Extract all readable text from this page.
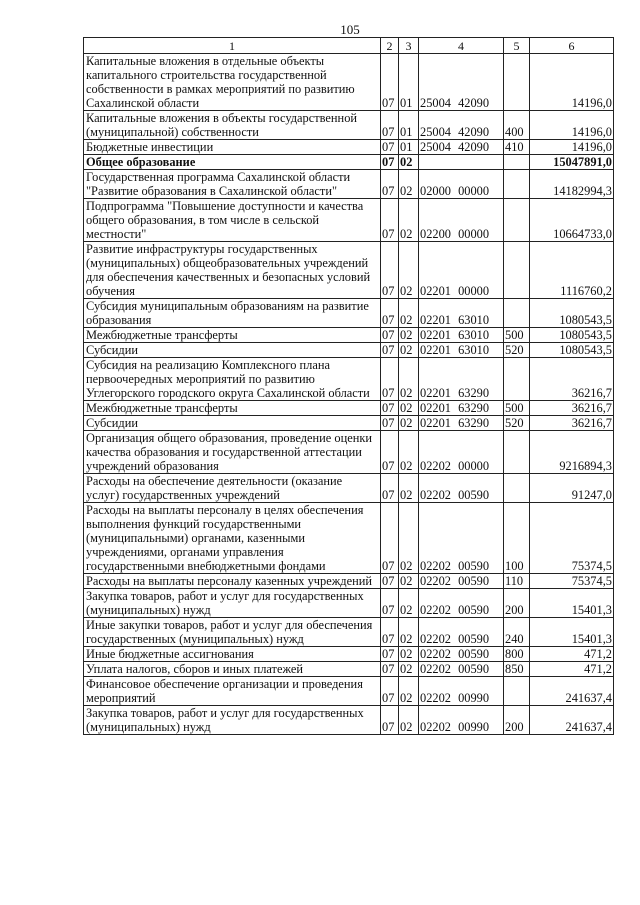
105
1	2	3	4	5	6
Капитальные вложения в отдельные объекты капитального строительства государственной собственности в рамках мероприятий по развитию Сахалинской области	07	01	25004 42090		14196,0
Капитальные вложения в объекты государственной (муниципальной) собственности	07	01	25004 42090	400	14196,0
Бюджетные инвестиции	07	01	25004 42090	410	14196,0
Общее образование	07	02			15047891,0
Государственная программа Сахалинской области "Развитие образования в Сахалинской области"	07	02	02000 00000		14182994,3
Подпрограмма "Повышение доступности и качества общего образования, в том числе в сельской местности"	07	02	02200 00000		10664733,0
Развитие инфраструктуры государственных (муниципальных) общеобразовательных учреждений для обеспечения качественных и безопасных условий обучения	07	02	02201 00000		1116760,2
Субсидия муниципальным образованиям на развитие образования	07	02	02201 63010		1080543,5
Межбюджетные трансферты	07	02	02201 63010	500	1080543,5
Субсидии	07	02	02201 63010	520	1080543,5
Субсидия на реализацию Комплексного плана первоочередных мероприятий по развитию Углегорского городского округа Сахалинской области	07	02	02201 63290		36216,7
Межбюджетные трансферты	07	02	02201 63290	500	36216,7
Субсидии	07	02	02201 63290	520	36216,7
Организация общего образования, проведение оценки качества образования и государственной аттестации учреждений образования	07	02	02202 00000		9216894,3
Расходы на обеспечение деятельности (оказание услуг) государственных учреждений	07	02	02202 00590		91247,0
Расходы на выплаты персоналу в целях обеспечения выполнения функций государственными (муниципальными) органами, казенными учреждениями, органами управления государственными внебюджетными фондами	07	02	02202 00590	100	75374,5
Расходы на выплаты персоналу казенных учреждений	07	02	02202 00590	110	75374,5
Закупка товаров, работ и услуг для государственных (муниципальных) нужд	07	02	02202 00590	200	15401,3
Иные закупки товаров, работ и услуг для обеспечения государственных (муниципальных) нужд	07	02	02202 00590	240	15401,3
Иные бюджетные ассигнования	07	02	02202 00590	800	471,2
Уплата налогов, сборов и иных платежей	07	02	02202 00590	850	471,2
Финансовое обеспечение организации и проведения мероприятий	07	02	02202 00990		241637,4
Закупка товаров, работ и услуг для государственных (муниципальных) нужд	07	02	02202 00990	200	241637,4
